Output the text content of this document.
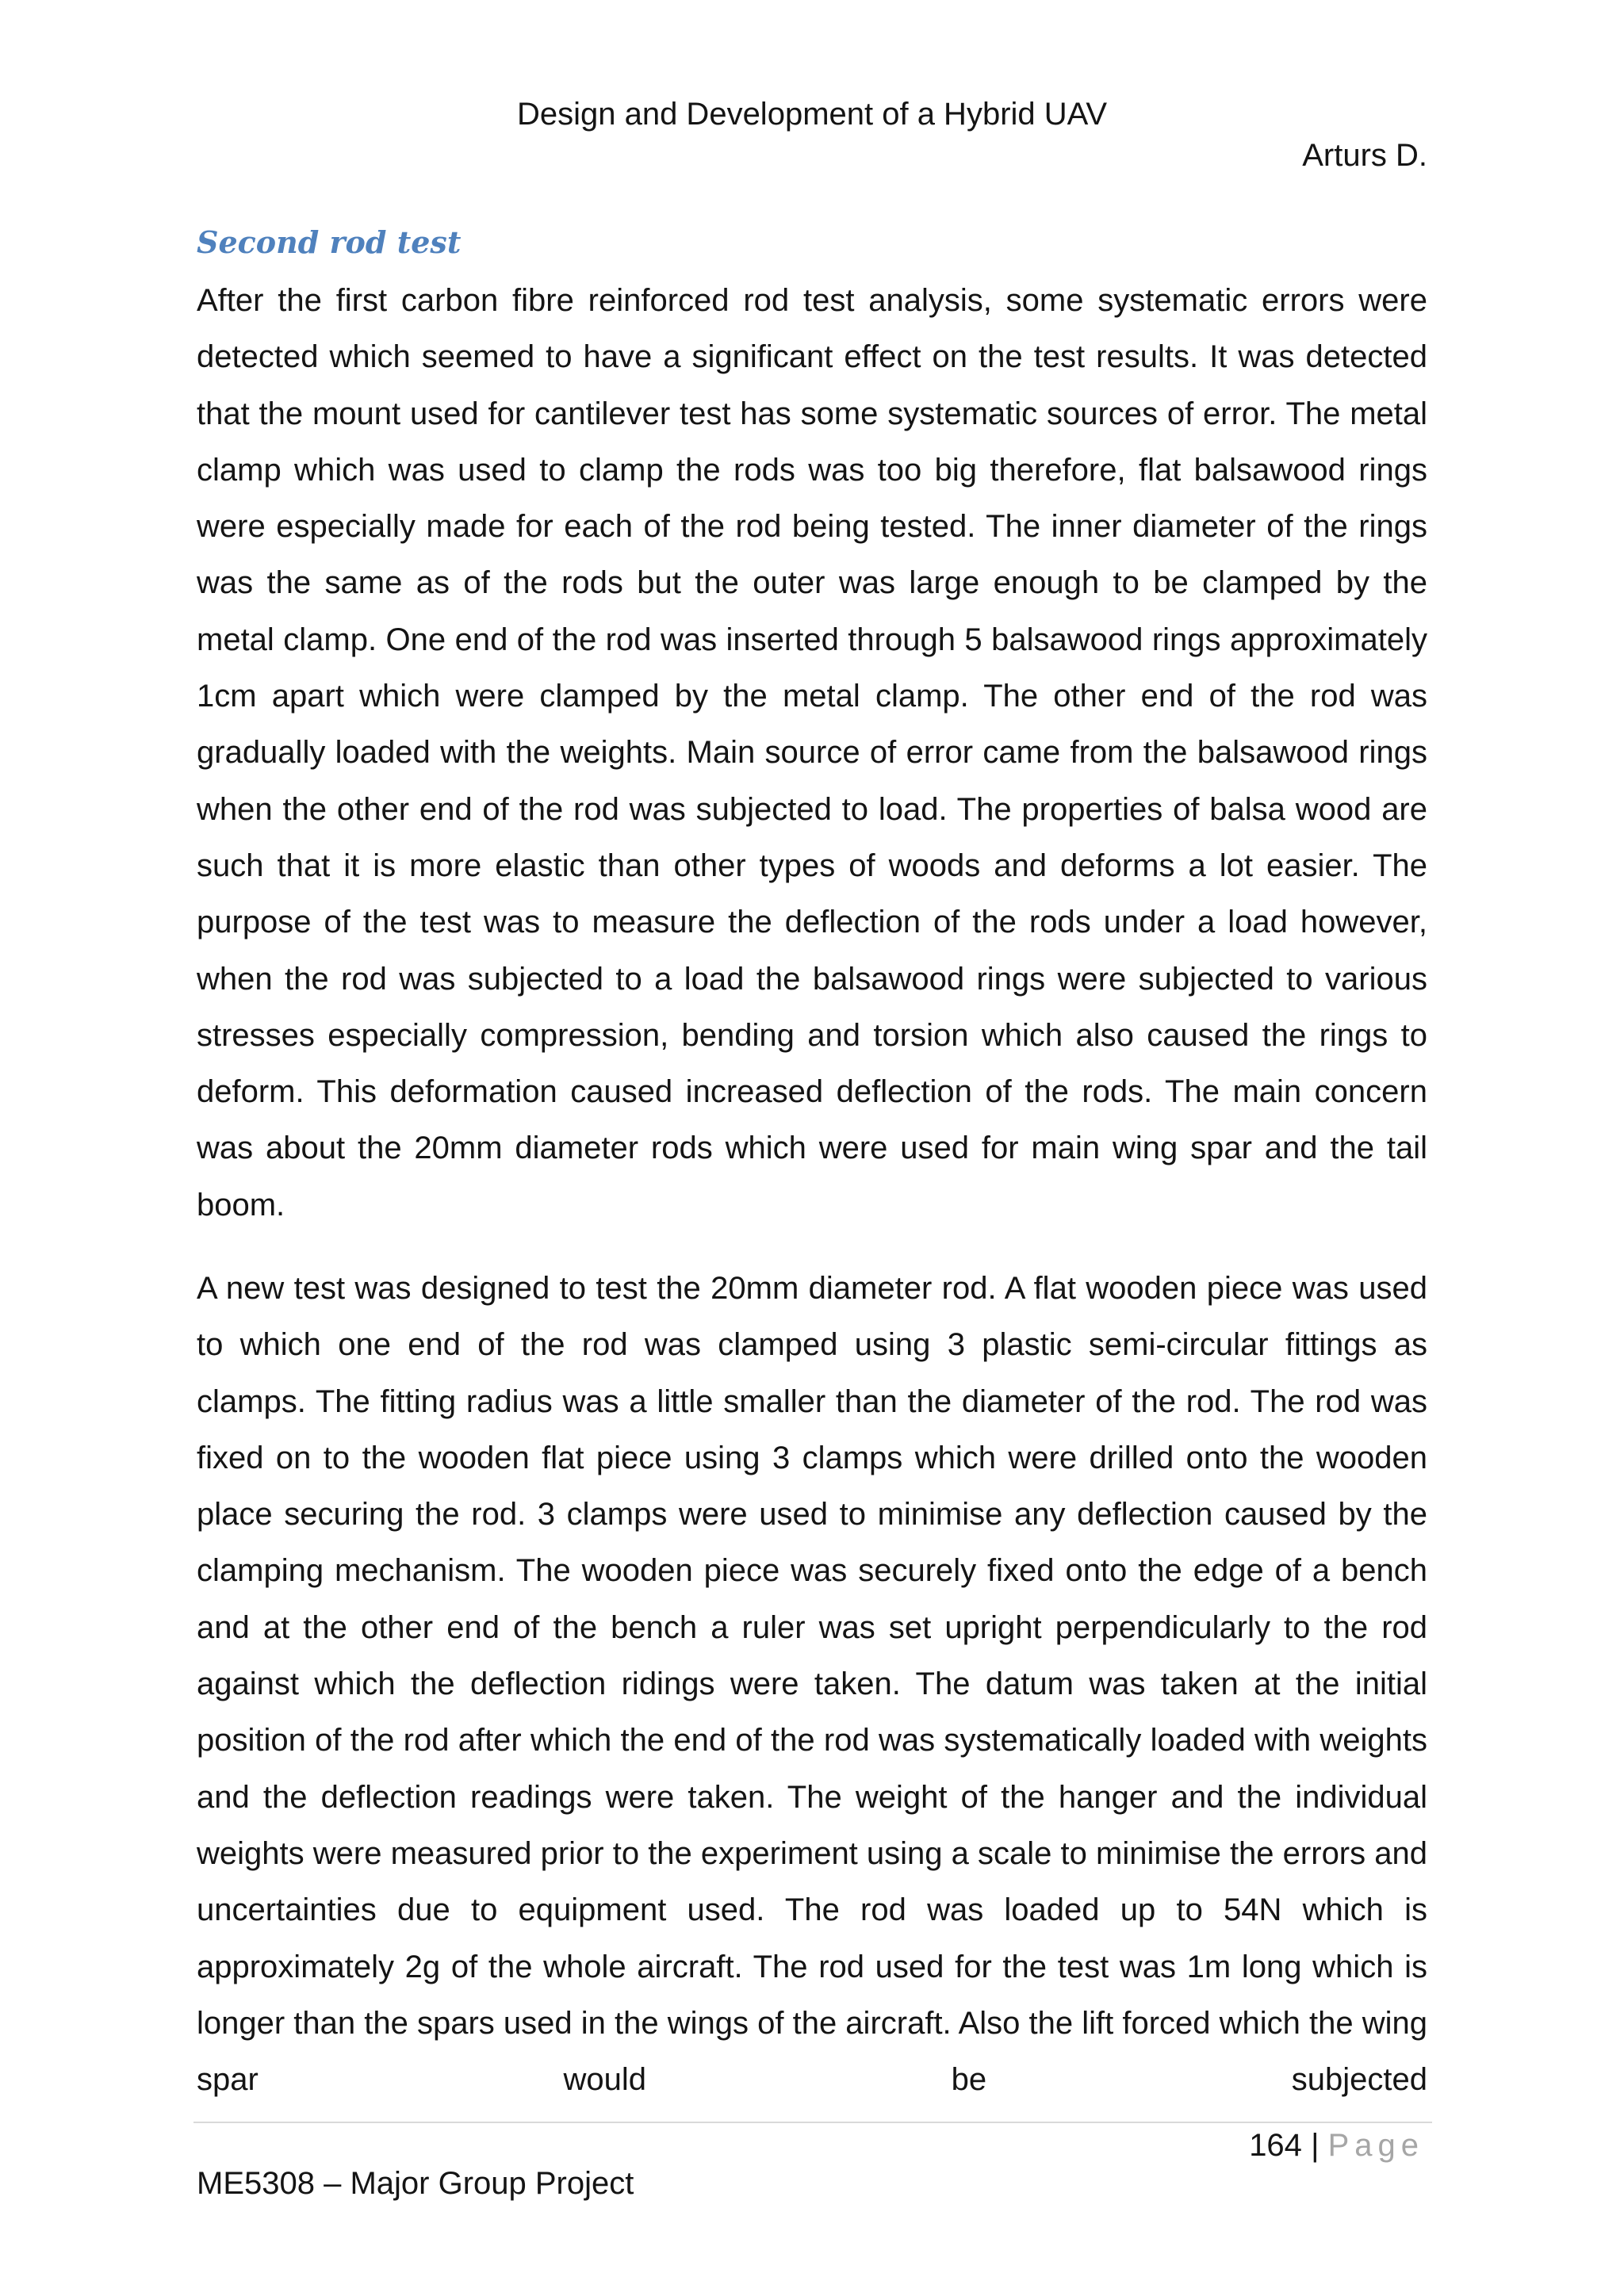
Design and Development of a Hybrid UAV
Arturs D.
Second rod test

After the first carbon fibre reinforced rod test analysis, some systematic errors were detected which seemed to have a significant effect on the test results. It was detected that the mount used for cantilever test has some systematic sources of error. The metal clamp which was used to clamp the rods was too big therefore, flat balsawood rings were especially made for each of the rod being tested. The inner diameter of the rings was the same as of the rods but the outer was large enough to be clamped by the metal clamp. One end of the rod was inserted through 5 balsawood rings approximately 1cm apart which were clamped by the metal clamp. The other end of the rod was gradually loaded with the weights. Main source of error came from the balsawood rings when the other end of the rod was subjected to load. The properties of balsa wood are such that it is more elastic than other types of woods and deforms a lot easier. The purpose of the test was to measure the deflection of the rods under a load however, when the rod was subjected to a load the balsawood rings were subjected to various stresses especially compression, bending and torsion which also caused the rings to deform. This deformation caused increased deflection of the rods. The main concern was about the 20mm diameter rods which were used for main wing spar and the tail boom.

A new test was designed to test the 20mm diameter rod. A flat wooden piece was used to which one end of the rod was clamped using 3 plastic semi-circular fittings as clamps. The fitting radius was a little smaller than the diameter of the rod. The rod was fixed on to the wooden flat piece using 3 clamps which were drilled onto the wooden place securing the rod. 3 clamps were used to minimise any deflection caused by the clamping mechanism. The wooden piece was securely fixed onto the edge of a bench and at the other end of the bench a ruler was set upright perpendicularly to the rod against which the deflection ridings were taken. The datum was taken at the initial position of the rod after which the end of the rod was systematically loaded with weights and the deflection readings were taken. The weight of the hanger and the individual weights were measured prior to the experiment using a scale to minimise the errors and uncertainties due to equipment used. The rod was loaded up to 54N which is approximately 2g of the whole aircraft. The rod used for the test was 1m long which is longer than the spars used in the wings of the aircraft. Also the lift forced which the wing spar would be subjected

164 | Page
ME5308 – Major Group Project
